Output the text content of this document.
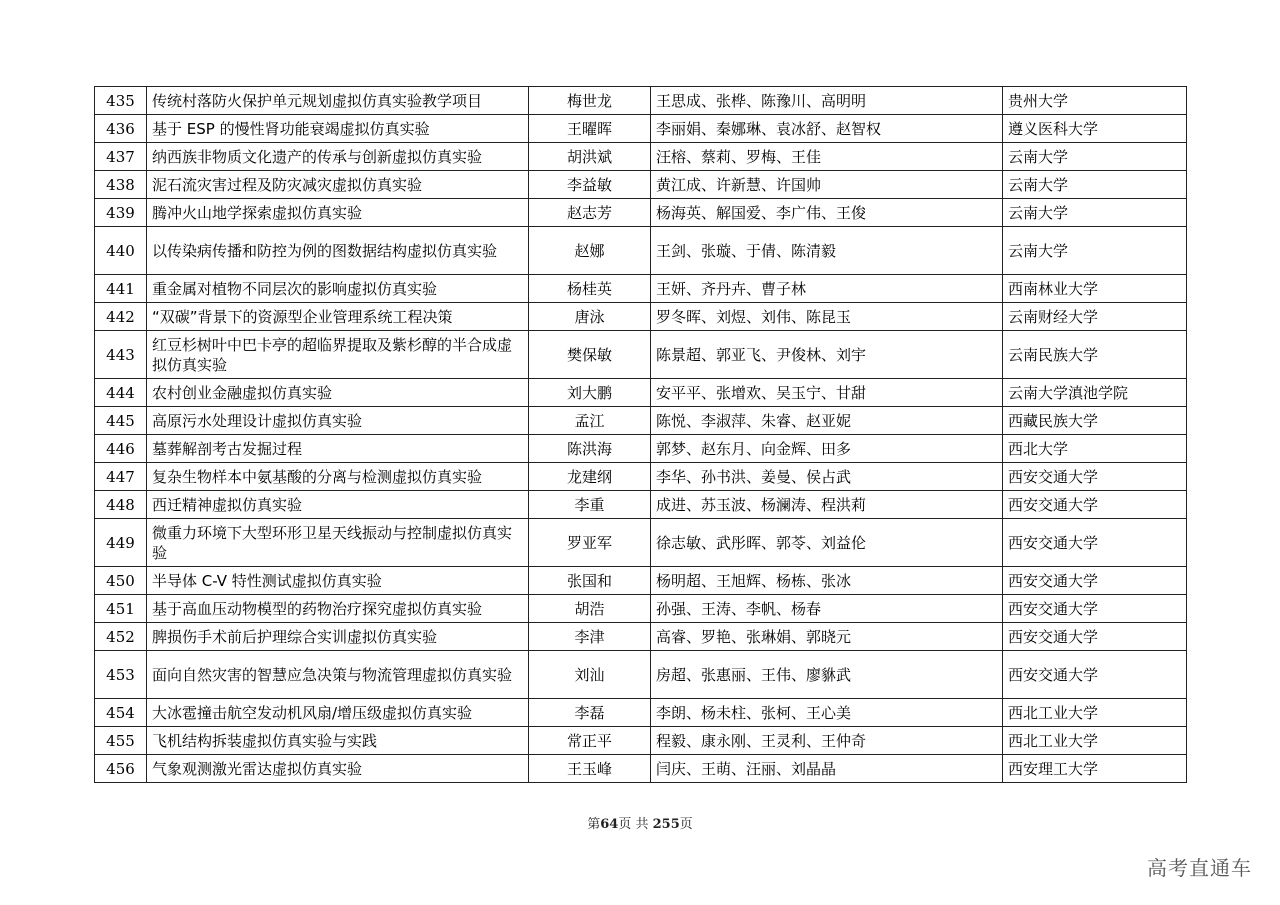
435	传统村落防火保护单元规划虚拟仿真实验教学项目	梅世龙	王思成、张桦、陈豫川、高明明	贵州大学
436	基于 ESP 的慢性肾功能衰竭虚拟仿真实验	王曜晖	李丽娟、秦娜琳、袁冰舒、赵智权	遵义医科大学
437	纳西族非物质文化遗产的传承与创新虚拟仿真实验	胡洪斌	汪榕、蔡莉、罗梅、王佳	云南大学
438	泥石流灾害过程及防灾减灾虚拟仿真实验	李益敏	黄江成、许新慧、许国帅	云南大学
439	腾冲火山地学探索虚拟仿真实验	赵志芳	杨海英、解国爱、李广伟、王俊	云南大学
440	以传染病传播和防控为例的图数据结构虚拟仿真实验	赵娜	王剑、张璇、于倩、陈清毅	云南大学
441	重金属对植物不同层次的影响虚拟仿真实验	杨桂英	王妍、齐丹卉、曹子林	西南林业大学
442	“双碳”背景下的资源型企业管理系统工程决策	唐泳	罗冬晖、刘煜、刘伟、陈昆玉	云南财经大学
443	红豆杉树叶中巴卡亭的超临界提取及紫杉醇的半合成虚拟仿真实验	樊保敏	陈景超、郭亚飞、尹俊林、刘宇	云南民族大学
444	农村创业金融虚拟仿真实验	刘大鹏	安平平、张增欢、吴玉宁、甘甜	云南大学滇池学院
445	高原污水处理设计虚拟仿真实验	孟江	陈悦、李淑萍、朱睿、赵亚妮	西藏民族大学
446	墓葬解剖考古发掘过程	陈洪海	郭梦、赵东月、向金辉、田多	西北大学
447	复杂生物样本中氨基酸的分离与检测虚拟仿真实验	龙建纲	李华、孙书洪、姜曼、侯占武	西安交通大学
448	西迁精神虚拟仿真实验	李重	成进、苏玉波、杨澜涛、程洪莉	西安交通大学
449	微重力环境下大型环形卫星天线振动与控制虚拟仿真实验	罗亚军	徐志敏、武彤晖、郭苓、刘益伦	西安交通大学
450	半导体 C-V 特性测试虚拟仿真实验	张国和	杨明超、王旭辉、杨栋、张冰	西安交通大学
451	基于高血压动物模型的药物治疗探究虚拟仿真实验	胡浩	孙强、王涛、李帆、杨春	西安交通大学
452	脾损伤手术前后护理综合实训虚拟仿真实验	李津	高睿、罗艳、张琳娟、郭晓元	西安交通大学
453	面向自然灾害的智慧应急决策与物流管理虚拟仿真实验	刘汕	房超、张惠丽、王伟、廖貅武	西安交通大学
454	大冰雹撞击航空发动机风扇/增压级虚拟仿真实验	李磊	李朗、杨未柱、张柯、王心美	西北工业大学
455	飞机结构拆装虚拟仿真实验与实践	常正平	程毅、康永刚、王灵利、王仲奇	西北工业大学
456	气象观测激光雷达虚拟仿真实验	王玉峰	闫庆、王萌、汪丽、刘晶晶	西安理工大学
第64页 共 255页
高考直通车
